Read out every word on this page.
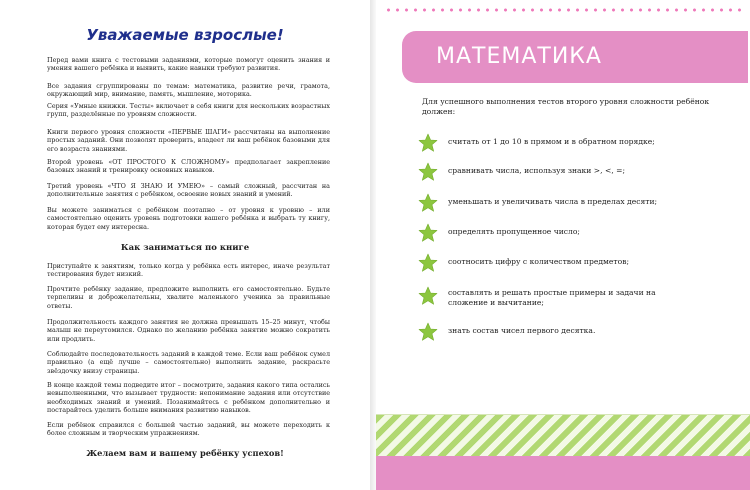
Уважаемые взрослые!

Перед вами книга с тестовыми заданиями, которые помогут оценить знания и умения вашего ребёнка и выявить, какие навыки требуют развития.

Все задания сгруппированы по темам: математика, развитие речи, грамота, окружающий мир, внимание, память, мышление, моторика.

Серия «Умные книжки. Тесты» включает в себя книги для нескольких возрастных групп, разделённые по уровням сложности.

Книги первого уровня сложности «ПЕРВЫЕ ШАГИ» рассчитаны на выполнение простых заданий. Они позволят проверить, владеет ли ваш ребёнок базовыми для его возраста знаниями.

Второй уровень «ОТ ПРОСТОГО К СЛОЖНОМУ» предполагает закрепление базовых знаний и тренировку основных навыков.

Третий уровень «ЧТО Я ЗНАЮ И УМЕЮ» – самый сложный, рассчитан на дополнительные занятия с ребёнком, освоение новых знаний и умений.

Вы можете заниматься с ребёнком поэтапно – от уровня к уровню – или самостоятельно оценить уровень подготовки вашего ребёнка и выбрать ту книгу, которая будет ему интересна.

Как заниматься по книге

Приступайте к занятиям, только когда у ребёнка есть интерес, иначе результат тестирования будет низкий.

Прочтите ребёнку задание, предложите выполнить его самостоятельно. Будьте терпеливы и доброжелательны, хвалите маленького ученика за правильные ответы.

Продолжительность каждого занятия не должна превышать 15–25 минут, чтобы малыш не переутомился. Однако по желанию ребёнка занятие можно сократить или продлить.

Соблюдайте последовательность заданий в каждой теме. Если ваш ребёнок сумел правильно (а ещё лучше – самостоятельно) выполнить задание, раскрасьте звёздочку внизу страницы.

В конце каждой темы подведите итог – посмотрите, задания какого типа остались невыполненными, что вызывает трудности: непонимание задания или отсутствие необходимых знаний и умений. Позанимайтесь с ребёнком дополнительно и постарайтесь уделить больше внимания развитию навыков.

Если ребёнок справился с большей частью заданий, вы можете переходить к более сложным и творческим упражнениям.

Желаем вам и вашему ребёнку успехов!
МАТЕМАТИКА

Для успешного выполнения тестов второго уровня сложности ребёнок должен:

считать от 1 до 10 в прямом и в обратном порядке;
сравнивать числа, используя знаки >, <, =;
уменьшать и увеличивать числа в пределах десяти;
определять пропущенное число;
соотносить цифру с количеством предметов;
составлять и решать простые примеры и задачи на сложение и вычитание;
знать состав чисел первого десятка.
